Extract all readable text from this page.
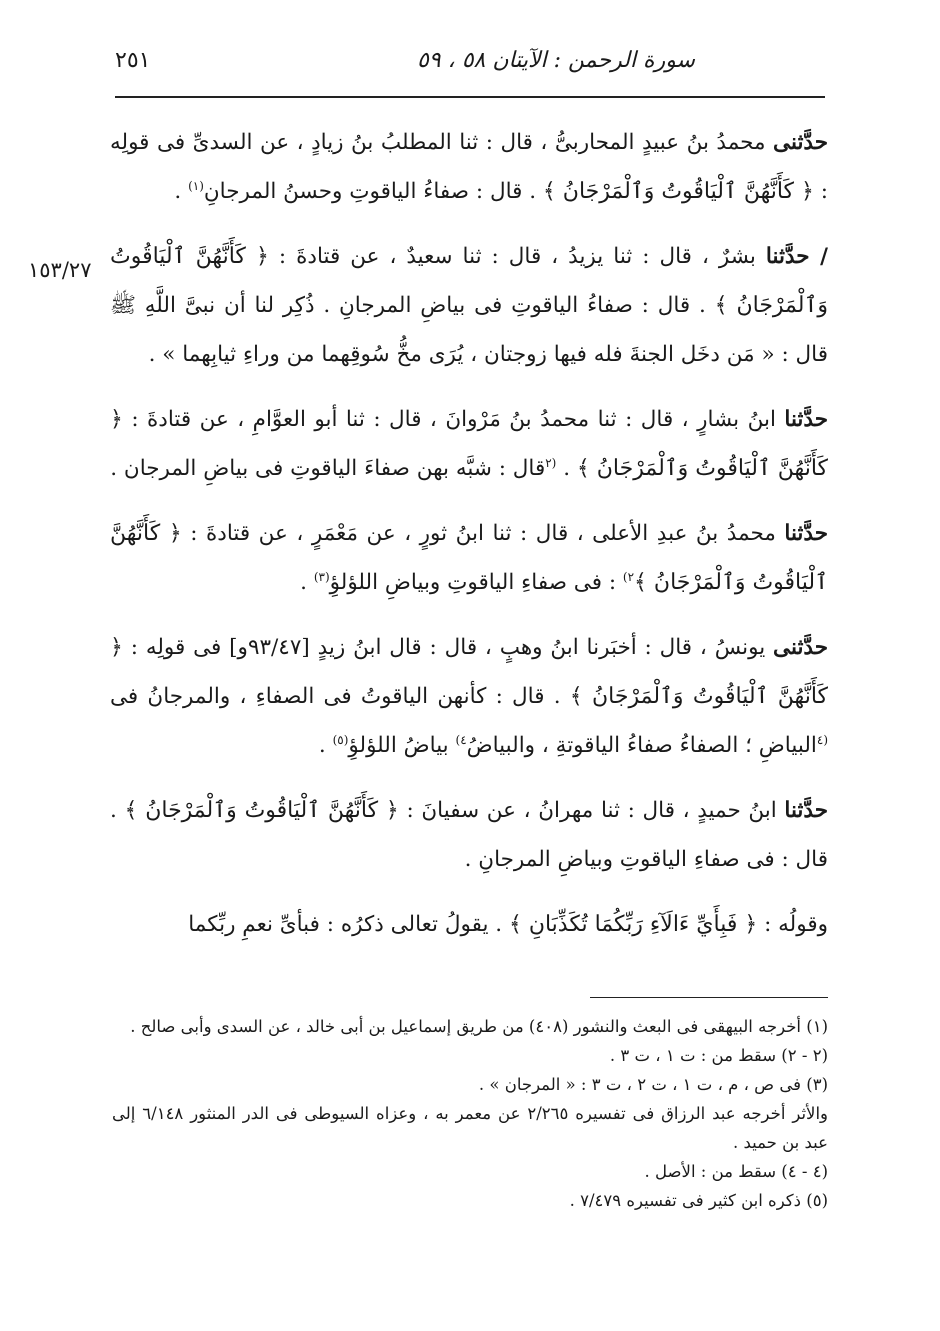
٢٥١	سورة الرحمن : الآيتان ٥٨ ، ٥٩
١٥٣/٢٧

حدَّثنى محمدُ بنُ عبيدٍ المحاربىُّ ، قال : ثنا المطلبُ بنُ زيادٍ ، عن السدىِّ فى قولِه : ﴿ كَأَنَّهُنَّ ٱلْيَاقُوتُ وَٱلْمَرْجَانُ ﴾ . قال : صفاءُ الياقوتِ وحسنُ المرجانِ$^{(١)}$ .

/ حدَّثنا بشرٌ ، قال : ثنا يزيدُ ، قال : ثنا سعيدٌ ، عن قتادةَ : ﴿ كَأَنَّهُنَّ ٱلْيَاقُوتُ وَٱلْمَرْجَانُ ﴾ . قال : صفاءُ الياقوتِ فى بياضِ المرجانِ . ذُكِر لنا أن نبىَّ اللَّهِ ﷺ قال : « مَن دخَل الجنةَ فله فيها زوجتان ، يُرَى مخُّ سُوقِهما من وراءِ ثيابِهما » .

حدَّثنا ابنُ بشارٍ ، قال : ثنا محمدُ بنُ مَرْوانَ ، قال : ثنا أبو العوَّامِ ، عن قتادةَ : ﴿ كَأَنَّهُنَّ ٱلْيَاقُوتُ وَٱلْمَرْجَانُ ﴾ . $^{(٢}$قال : شبَّه بهن صفاءَ الياقوتِ فى بياضِ المرجان .

حدَّثنا محمدُ بنُ عبدِ الأعلى ، قال : ثنا ابنُ ثورٍ ، عن مَعْمَرٍ ، عن قتادةَ : ﴿ كَأَنَّهُنَّ ٱلْيَاقُوتُ وَٱلْمَرْجَانُ ﴾$^{٢)}$ : فى صفاءِ الياقوتِ وبياضِ اللؤلؤِ$^{(٣)}$ .

حدَّثنى يونسُ ، قال : أخبَرنا ابنُ وهبٍ ، قال : قال ابنُ زيدٍ [٩٣/٤٧و] فى قولِه : ﴿ كَأَنَّهُنَّ ٱلْيَاقُوتُ وَٱلْمَرْجَانُ ﴾ . قال : كأنهن الياقوتُ فى الصفاءِ ، والمرجانُ فى $^{(٤}$البياضِ ؛ الصفاءُ صفاءُ الياقوتةِ ، والبياضُ$^{٤)}$ بياضُ اللؤلؤِ$^{(٥)}$ .

حدَّثنا ابنُ حميدٍ ، قال : ثنا مهرانُ ، عن سفيانَ : ﴿ كَأَنَّهُنَّ ٱلْيَاقُوتُ وَٱلْمَرْجَانُ ﴾ . قال : فى صفاءِ الياقوتِ وبياضِ المرجانِ .

وقولُه : ﴿ فَبِأَيِّ ءَالَآءِ رَبِّكُمَا تُكَذِّبَانِ ﴾ . يقولُ تعالى ذكرُه : فبأىِّ نعمِ ربِّكما

(١) أخرجه البيهقى فى البعث والنشور (٤٠٨) من طريق إسماعيل بن أبى خالد ، عن السدى وأبى صالح .

(٢ - ٢) سقط من : ت ١ ، ت ٣ .

(٣) فى ص ، م ، ت ١ ، ت ٢ ، ت ٣ : « المرجان » .

والأثر أخرجه عبد الرزاق فى تفسيره ٢/٢٦٥ عن معمر به ، وعزاه السيوطى فى الدر المنثور ٦/١٤٨ إلى عبد بن حميد .

(٤ - ٤) سقط من : الأصل .

(٥) ذكره ابن كثير فى تفسيره ٧/٤٧٩ .
